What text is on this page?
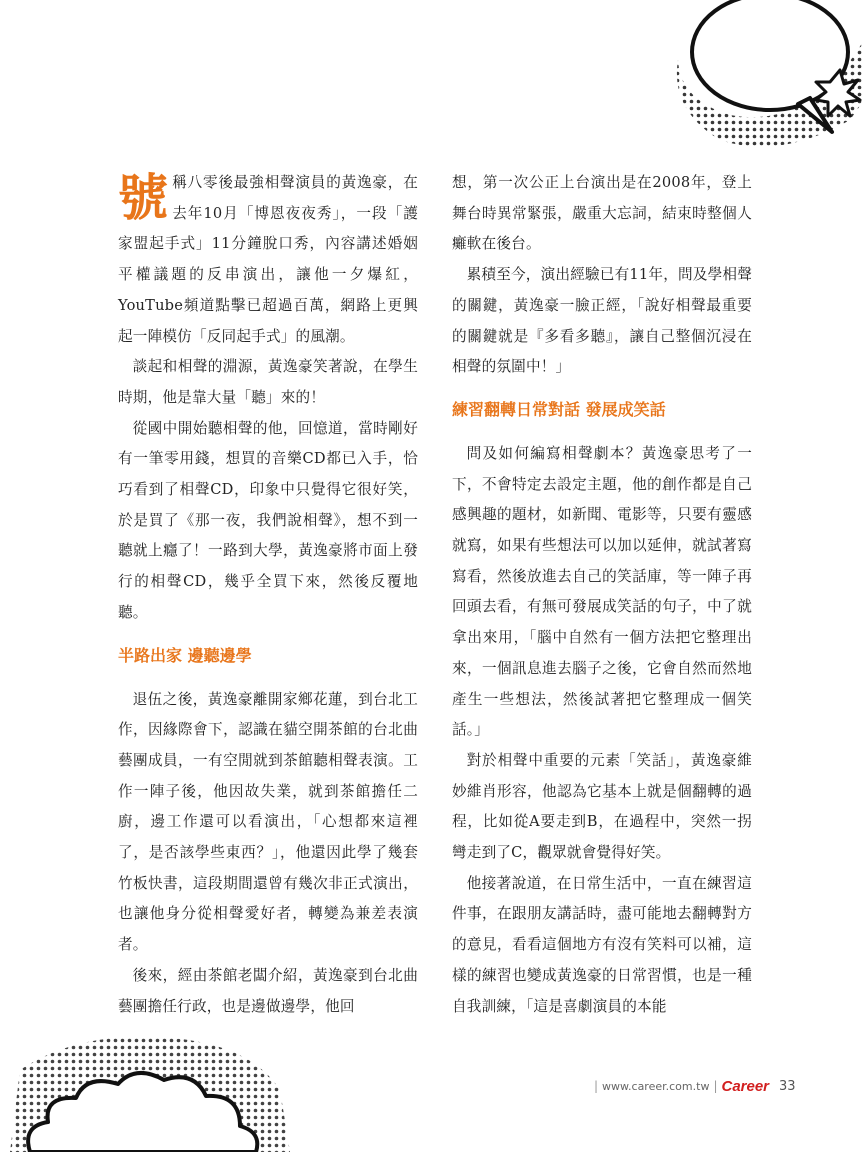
號稱八零後最強相聲演員的黃逸豪，在去年10月「博恩夜夜秀」，一段「護家盟起手式」11分鐘脫口秀，內容講述婚姻平權議題的反串演出，讓他一夕爆紅，YouTube頻道點擊已超過百萬，網路上更興起一陣模仿「反同起手式」的風潮。

談起和相聲的淵源，黃逸豪笑著說，在學生時期，他是靠大量「聽」來的！

從國中開始聽相聲的他，回憶道，當時剛好有一筆零用錢，想買的音樂CD都已入手，恰巧看到了相聲CD，印象中只覺得它很好笑，於是買了《那一夜，我們說相聲》，想不到一聽就上癮了！一路到大學，黃逸豪將市面上發行的相聲CD，幾乎全買下來，然後反覆地聽。

半路出家 邊聽邊學

退伍之後，黃逸豪離開家鄉花蓮，到台北工作，因緣際會下，認識在貓空開茶館的台北曲藝團成員，一有空閒就到茶館聽相聲表演。工作一陣子後，他因故失業，就到茶館擔任二廚，邊工作還可以看演出，「心想都來這裡了，是否該學些東西？」，他還因此學了幾套竹板快書，這段期間還曾有幾次非正式演出，也讓他身分從相聲愛好者，轉變為兼差表演者。

後來，經由茶館老闆介紹，黃逸豪到台北曲藝團擔任行政，也是邊做邊學，他回

想，第一次公正上台演出是在2008年，登上舞台時異常緊張，嚴重大忘詞，結束時整個人癱軟在後台。

累積至今，演出經驗已有11年，問及學相聲的關鍵，黃逸豪一臉正經，「說好相聲最重要的關鍵就是『多看多聽』，讓自己整個沉浸在相聲的氛圍中！」

練習翻轉日常對話 發展成笑話

問及如何編寫相聲劇本？黃逸豪思考了一下，不會特定去設定主題，他的創作都是自己感興趣的題材，如新聞、電影等，只要有靈感就寫，如果有些想法可以加以延伸，就試著寫寫看，然後放進去自己的笑話庫，等一陣子再回頭去看，有無可發展成笑話的句子，中了就拿出來用，「腦中自然有一個方法把它整理出來，一個訊息進去腦子之後，它會自然而然地產生一些想法，然後試著把它整理成一個笑話。」

對於相聲中重要的元素「笑話」，黃逸豪維妙維肖形容，他認為它基本上就是個翻轉的過程，比如從A要走到B，在過程中，突然一拐彎走到了C，觀眾就會覺得好笑。

他接著說道，在日常生活中，一直在練習這件事，在跟朋友講話時，盡可能地去翻轉對方的意見，看看這個地方有沒有笑料可以補，這樣的練習也變成黃逸豪的日常習慣，也是一種自我訓練，「這是喜劇演員的本能

| www.career.com.tw | Career 33
